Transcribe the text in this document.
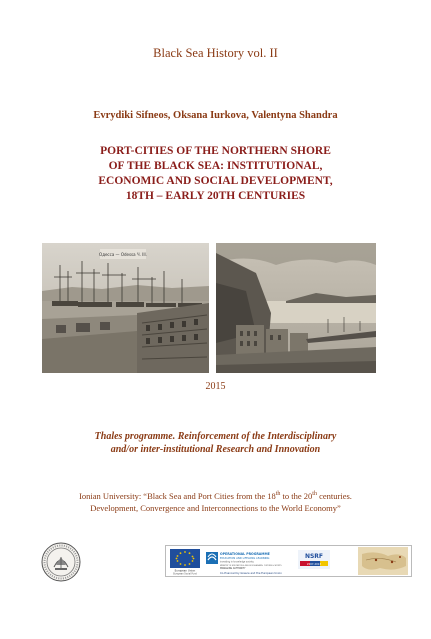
Black Sea History vol. II
Evrydiki Sifneos, Oksana Iurkova, Valentyna Shandra
PORT-CITIES OF THE NORTHERN SHORE
OF THE BLACK SEA: INSTITUTIONAL,
ECONOMIC AND SOCIAL DEVELOPMENT,
18TH – EARLY 20TH CENTURIES
Одесса — Odessa Ч. III.
2015
Thales programme. Reinforcement of the Interdisciplinary
and/or inter-institutional Research and Innovation
Ionian University: “Black Sea and Port Cities from the 18th to the 20th centuries.
Development, Convergence and Interconnections to the World Economy”
European Union
European Social Fund
OPERATIONAL PROGRAMME
EDUCATION AND LIFELONG LEARNING
investing in knowledge society
MINISTRY OF EDUCATION & RELIGIOUS AFFAIRS, CULTURE & SPORTS
MANAGING AUTHORITY
Co-financed by Greece and the European Union
NSRF
2007-2013
